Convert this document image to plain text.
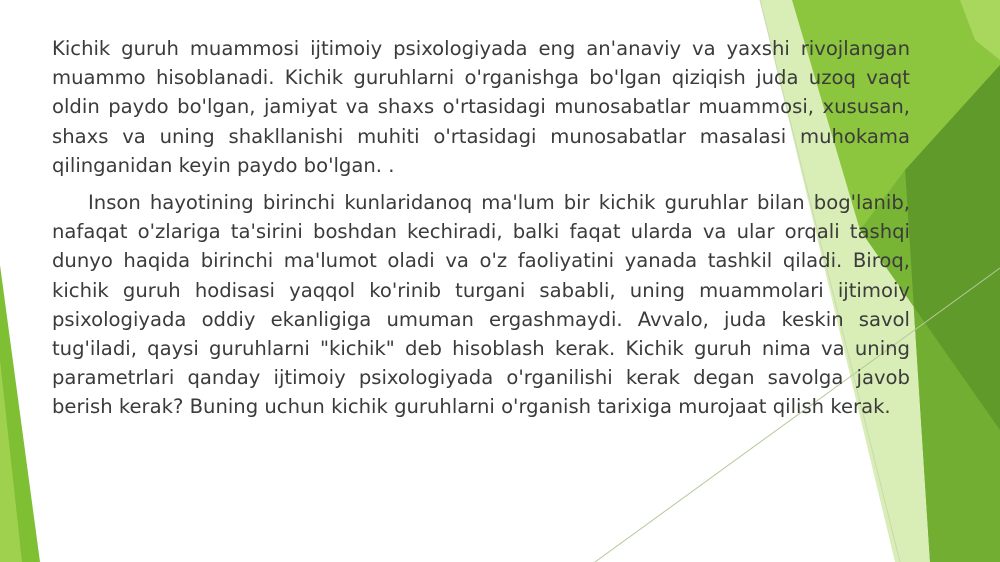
Kichik guruh muammosi ijtimoiy psixologiyada eng an'anaviy va yaxshi rivojlangan muammo hisoblanadi. Kichik guruhlarni o'rganishga bo'lgan qiziqish juda uzoq vaqt oldin paydo bo'lgan, jamiyat va shaxs o'rtasidagi munosabatlar muammosi, xususan, shaxs va uning shakllanishi muhiti o'rtasidagi munosabatlar masalasi muhokama qilinganidan keyin paydo bo'lgan. .

Inson hayotining birinchi kunlaridanoq ma'lum bir kichik guruhlar bilan bog'lanib, nafaqat o'zlariga ta'sirini boshdan kechiradi, balki faqat ularda va ular orqali tashqi dunyo haqida birinchi ma'lumot oladi va o'z faoliyatini yanada tashkil qiladi. Biroq, kichik guruh hodisasi yaqqol ko'rinib turgani sababli, uning muammolari ijtimoiy psixologiyada oddiy ekanligiga umuman ergashmaydi. Avvalo, juda keskin savol tug'iladi, qaysi guruhlarni "kichik" deb hisoblash kerak. Kichik guruh nima va uning parametrlari qanday ijtimoiy psixologiyada o'rganilishi kerak degan savolga javob berish kerak? Buning uchun kichik guruhlarni o'rganish tarixiga murojaat qilish kerak.
